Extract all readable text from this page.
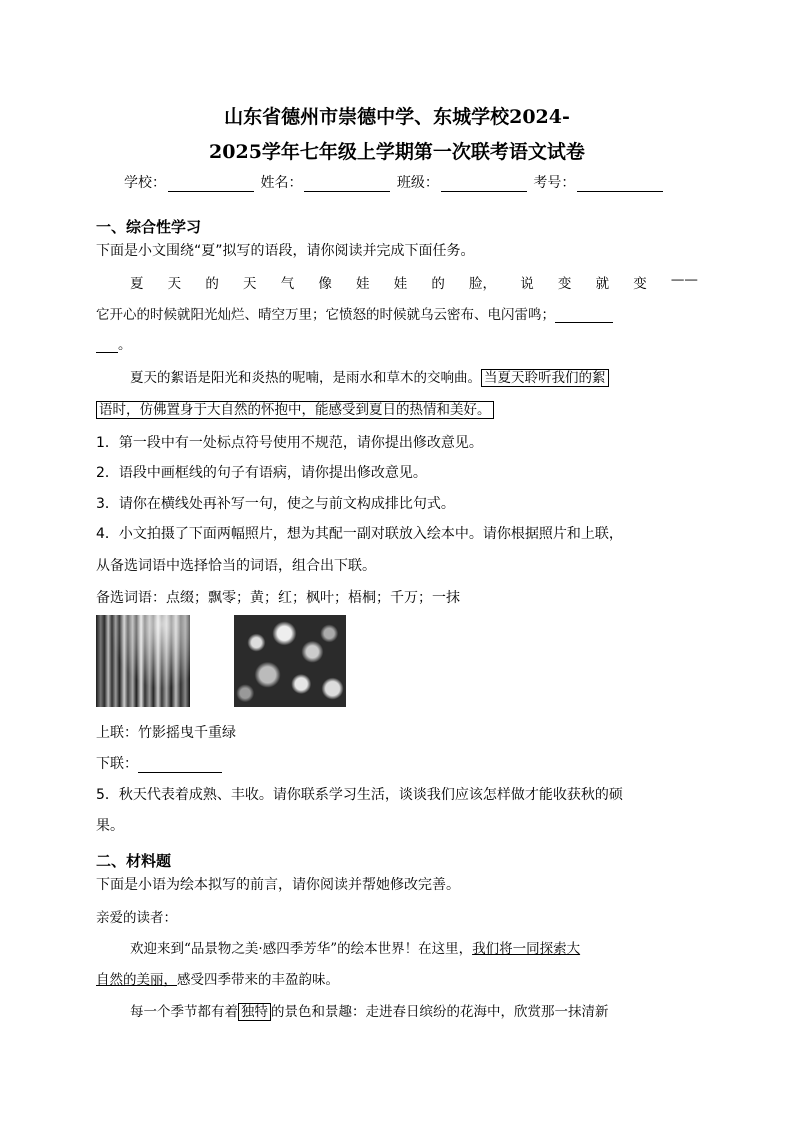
山东省德州市崇德中学、东城学校2024-
2025学年七年级上学期第一次联考语文试卷
学校：	姓名：	班级：	考号：
一、综合性学习
下面是小文围绕“夏”拟写的语段，请你阅读并完成下面任务。
夏 天 的 天 气 像 娃 娃 的 脸， 说 变 就 变 ——
它开心的时候就阳光灿烂、晴空万里；它愤怒的时候就乌云密布、电闪雷鸣；
。
夏天的絮语是阳光和炎热的呢喃，是雨水和草木的交响曲。 当夏天聆听我们的絮
语时，仿佛置身于大自然的怀抱中，能感受到夏日的热情和美好。
1．第一段中有一处标点符号使用不规范，请你提出修改意见。
2．语段中画框线的句子有语病，请你提出修改意见。
3．请你在横线处再补写一句，使之与前文构成排比句式。
4．小文拍摄了下面两幅照片，想为其配一副对联放入绘本中。请你根据照片和上联，
从备选词语中选择恰当的词语，组合出下联。
备选词语：点缀；飘零；黄；红；枫叶；梧桐；千万；一抹
上联：竹影摇曳千重绿
下联：
5．秋天代表着成熟、丰收。请你联系学习生活，谈谈我们应该怎样做才能收获秋的硕
果。
二、材料题
下面是小语为绘本拟写的前言，请你阅读并帮她修改完善。
亲爱的读者：
欢迎来到“品景物之美·感四季芳华”的绘本世界！在这里，我们将一同探索大
自然的美丽，感受四季带来的丰盈韵味。
每一个季节都有着 独特 的景色和景趣：走进春日缤纷的花海中，欣赏那一抹清新
